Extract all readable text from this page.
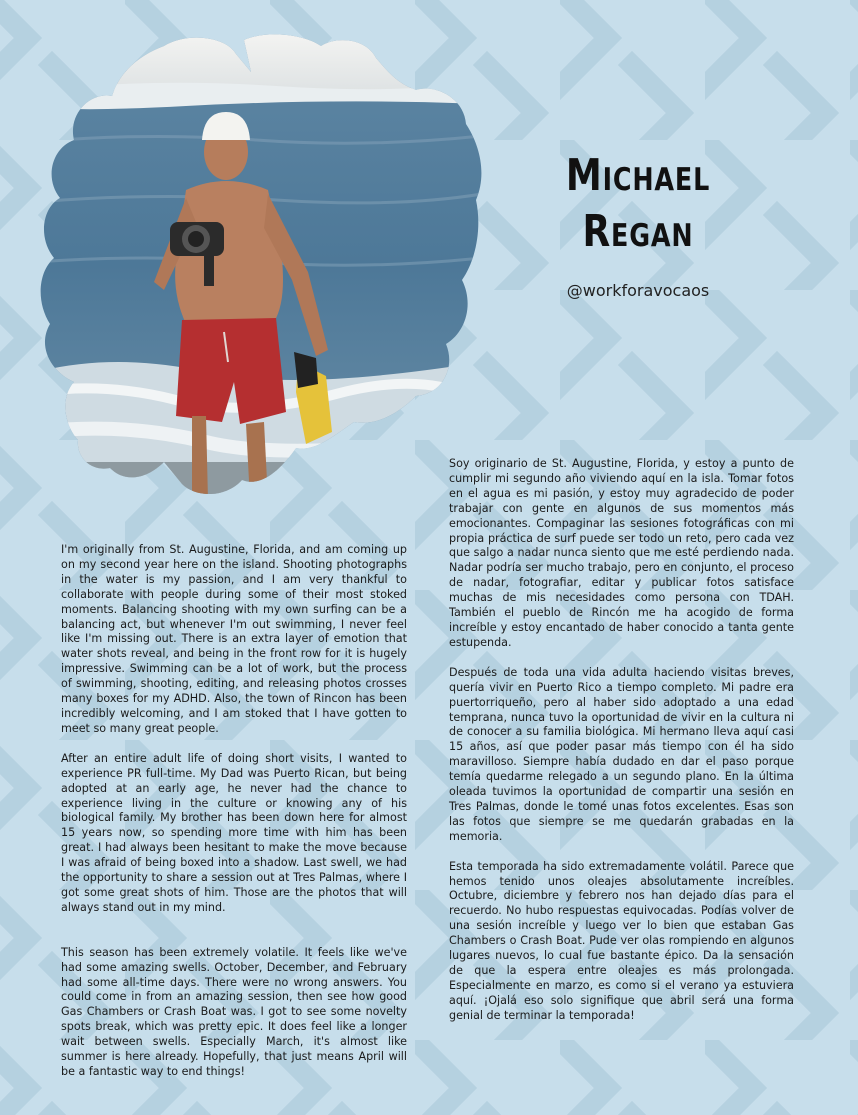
Michael
Regan
@workforavocaos

I'm originally from St. Augustine, Florida, and am coming up on my second year here on the island. Shooting photographs in the water is my passion, and I am very thankful to collaborate with people during some of their most stoked moments. Balancing shooting with my own surfing can be a balancing act, but whenever I'm out swimming, I never feel like I'm missing out. There is an extra layer of emotion that water shots reveal, and being in the front row for it is hugely impressive. Swimming can be a lot of work, but the process of swimming, shooting, editing, and releasing photos crosses many boxes for my ADHD. Also, the town of Rincon has been incredibly welcoming, and I am stoked that I have gotten to meet so many great people.

After an entire adult life of doing short visits, I wanted to experience PR full-time. My Dad was Puerto Rican, but being adopted at an early age, he never had the chance to experience living in the culture or knowing any of his biological family. My brother has been down here for almost 15 years now, so spending more time with him has been great. I had always been hesitant to make the move because I was afraid of being boxed into a shadow. Last swell, we had the opportunity to share a session out at Tres Palmas, where I got some great shots of him. Those are the photos that will always stand out in my mind.

This season has been extremely volatile. It feels like we've had some amazing swells. October, December, and February had some all-time days. There were no wrong answers. You could come in from an amazing session, then see how good Gas Chambers or Crash Boat was. I got to see some novelty spots break, which was pretty epic. It does feel like a longer wait between swells. Especially March, it's almost like summer is here already. Hopefully, that just means April will be a fantastic way to end things!

Soy originario de St. Augustine, Florida, y estoy a punto de cumplir mi segundo año viviendo aquí en la isla. Tomar fotos en el agua es mi pasión, y estoy muy agradecido de poder trabajar con gente en algunos de sus momentos más emocionantes. Compaginar las sesiones fotográficas con mi propia práctica de surf puede ser todo un reto, pero cada vez que salgo a nadar nunca siento que me esté perdiendo nada. Nadar podría ser mucho trabajo, pero en conjunto, el proceso de nadar, fotografiar, editar y publicar fotos satisface muchas de mis necesidades como persona con TDAH. También el pueblo de Rincón me ha acogido de forma increíble y estoy encantado de haber conocido a tanta gente estupenda.

Después de toda una vida adulta haciendo visitas breves, quería vivir en Puerto Rico a tiempo completo. Mi padre era puertorriqueño, pero al haber sido adoptado a una edad temprana, nunca tuvo la oportunidad de vivir en la cultura ni de conocer a su familia biológica. Mi hermano lleva aquí casi 15 años, así que poder pasar más tiempo con él ha sido maravilloso. Siempre había dudado en dar el paso porque temía quedarme relegado a un segundo plano. En la última oleada tuvimos la oportunidad de compartir una sesión en Tres Palmas, donde le tomé unas fotos excelentes. Esas son las fotos que siempre se me quedarán grabadas en la memoria.

Esta temporada ha sido extremadamente volátil. Parece que hemos tenido unos oleajes absolutamente increíbles. Octubre, diciembre y febrero nos han dejado días para el recuerdo. No hubo respuestas equivocadas. Podías volver de una sesión increíble y luego ver lo bien que estaban Gas Chambers o Crash Boat. Pude ver olas rompiendo en algunos lugares nuevos, lo cual fue bastante épico. Da la sensación de que la espera entre oleajes es más prolongada. Especialmente en marzo, es como si el verano ya estuviera aquí. ¡Ojalá eso solo signifique que abril será una forma genial de terminar la temporada!
